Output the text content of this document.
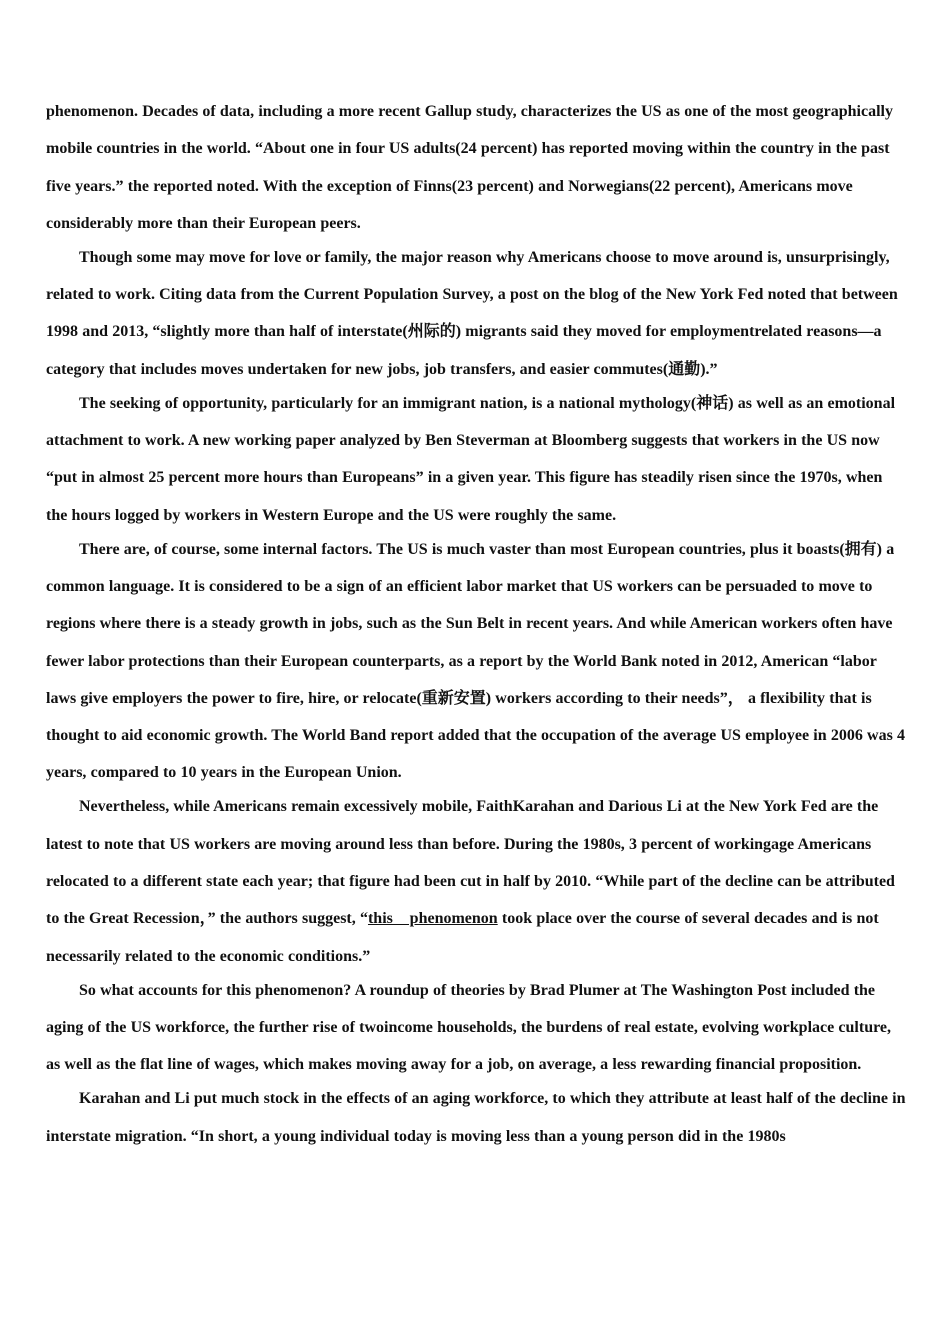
phenomenon. Decades of data, including a more recent Gallup study, characterizes the US as one of the most geographically mobile countries in the world. “About one in four US adults(24 percent) has reported moving within the country in the past five years.” the reported noted. With the exception of Finns(23 percent) and Norwegians(22 percent), Americans move considerably more than their European peers.

Though some may move for love or family, the major reason why Americans choose to move around is, unsurprisingly, related to work. Citing data from the Current Population Survey, a post on the blog of the New York Fed noted that between 1998 and 2013, “slightly more than half of interstate(州际的) migrants said they moved for employmentrelated reasons—a category that includes moves undertaken for new jobs, job transfers, and easier commutes(通勤).”

The seeking of opportunity, particularly for an immigrant nation, is a national mythology(神话) as well as an emotional attachment to work. A new working paper analyzed by Ben Steverman at Bloomberg suggests that workers in the US now “put in almost 25 percent more hours than Europeans” in a given year. This figure has steadily risen since the 1970s, when the hours logged by workers in Western Europe and the US were roughly the same.

There are, of course, some internal factors. The US is much vaster than most European countries, plus it boasts(拥有) a common language. It is considered to be a sign of an efficient labor market that US workers can be persuaded to move to regions where there is a steady growth in jobs, such as the Sun Belt in recent years. And while American workers often have fewer labor protections than their European counterparts, as a report by the World Bank noted in 2012, American “labor laws give employers the power to fire, hire, or relocate(重新安置) workers according to their needs”， a flexibility that is thought to aid economic growth. The World Band report added that the occupation of the average US employee in 2006 was 4 years, compared to 10 years in the European Union.

Nevertheless, while Americans remain excessively mobile, FaithKarahan and Darious Li at the New York Fed are the latest to note that US workers are moving around less than before. During the 1980s, 3 percent of workingage Americans relocated to a different state each year; that figure had been cut in half by 2010. “While part of the decline can be attributed to the Great Recession，” the authors suggest, “this    phenomenon took place over the course of several decades and is not necessarily related to the economic conditions.”

So what accounts for this phenomenon? A roundup of theories by Brad Plumer at The Washington Post included the aging of the US workforce, the further rise of twoincome households, the burdens of real estate, evolving workplace culture, as well as the flat line of wages, which makes moving away for a job, on average, a less rewarding financial proposition.

Karahan and Li put much stock in the effects of an aging workforce, to which they attribute at least half of the decline in interstate migration. “In short, a young individual today is moving less than a young person did in the 1980s
